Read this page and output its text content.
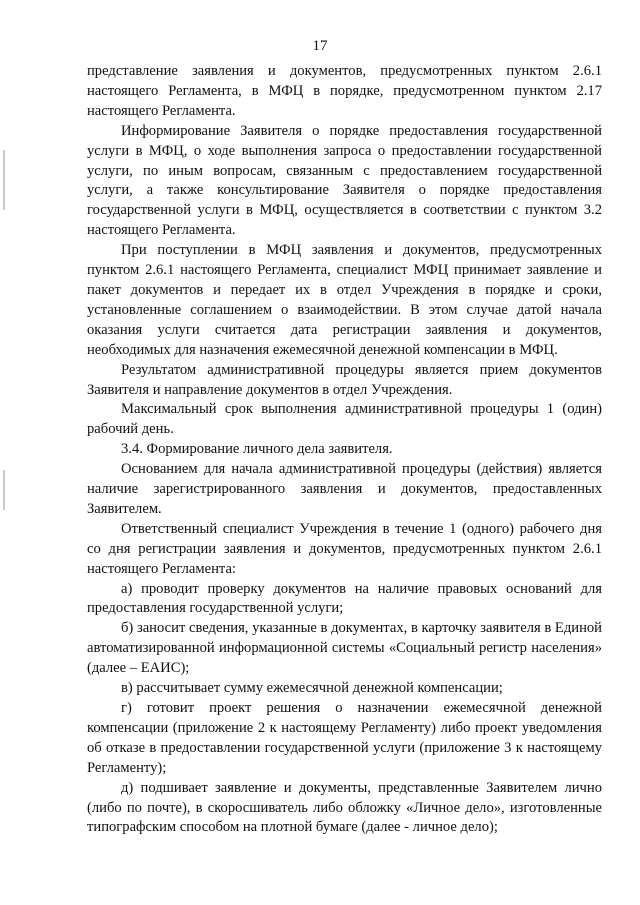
17

представление заявления и документов, предусмотренных пунктом 2.6.1 настоящего Регламента, в МФЦ в порядке, предусмотренном пунктом 2.17 настоящего Регламента.

Информирование Заявителя о порядке предоставления государственной услуги в МФЦ, о ходе выполнения запроса о предоставлении государственной услуги, по иным вопросам, связанным с предоставлением государственной услуги, а также консультирование Заявителя о порядке предоставления государственной услуги в МФЦ, осуществляется в соответствии с пунктом 3.2 настоящего Регламента.

При поступлении в МФЦ заявления и документов, предусмотренных пунктом 2.6.1 настоящего Регламента, специалист МФЦ принимает заявление и пакет документов и передает их в отдел Учреждения в порядке и сроки, установленные соглашением о взаимодействии. В этом случае датой начала оказания услуги считается дата регистрации заявления и документов, необходимых для назначения ежемесячной денежной компенсации в МФЦ.

Результатом административной процедуры является прием документов Заявителя и направление документов в отдел Учреждения.

Максимальный срок выполнения административной процедуры 1 (один) рабочий день.

3.4. Формирование личного дела заявителя.

Основанием для начала административной процедуры (действия) является наличие зарегистрированного заявления и документов, предоставленных Заявителем.

Ответственный специалист Учреждения в течение 1 (одного) рабочего дня со дня регистрации заявления и документов, предусмотренных пунктом 2.6.1 настоящего Регламента:

а) проводит проверку документов на наличие правовых оснований для предоставления государственной услуги;

б) заносит сведения, указанные в документах, в карточку заявителя в Единой автоматизированной информационной системы «Социальный регистр населения» (далее – ЕАИС);

в) рассчитывает сумму ежемесячной денежной компенсации;

г) готовит проект решения о назначении ежемесячной денежной компенсации (приложение 2 к настоящему Регламенту) либо проект уведомления об отказе в предоставлении государственной услуги (приложение 3 к настоящему Регламенту);

д) подшивает заявление и документы, представленные Заявителем лично (либо по почте), в скоросшиватель либо обложку «Личное дело», изготовленные типографским способом на плотной бумаге (далее - личное дело);
